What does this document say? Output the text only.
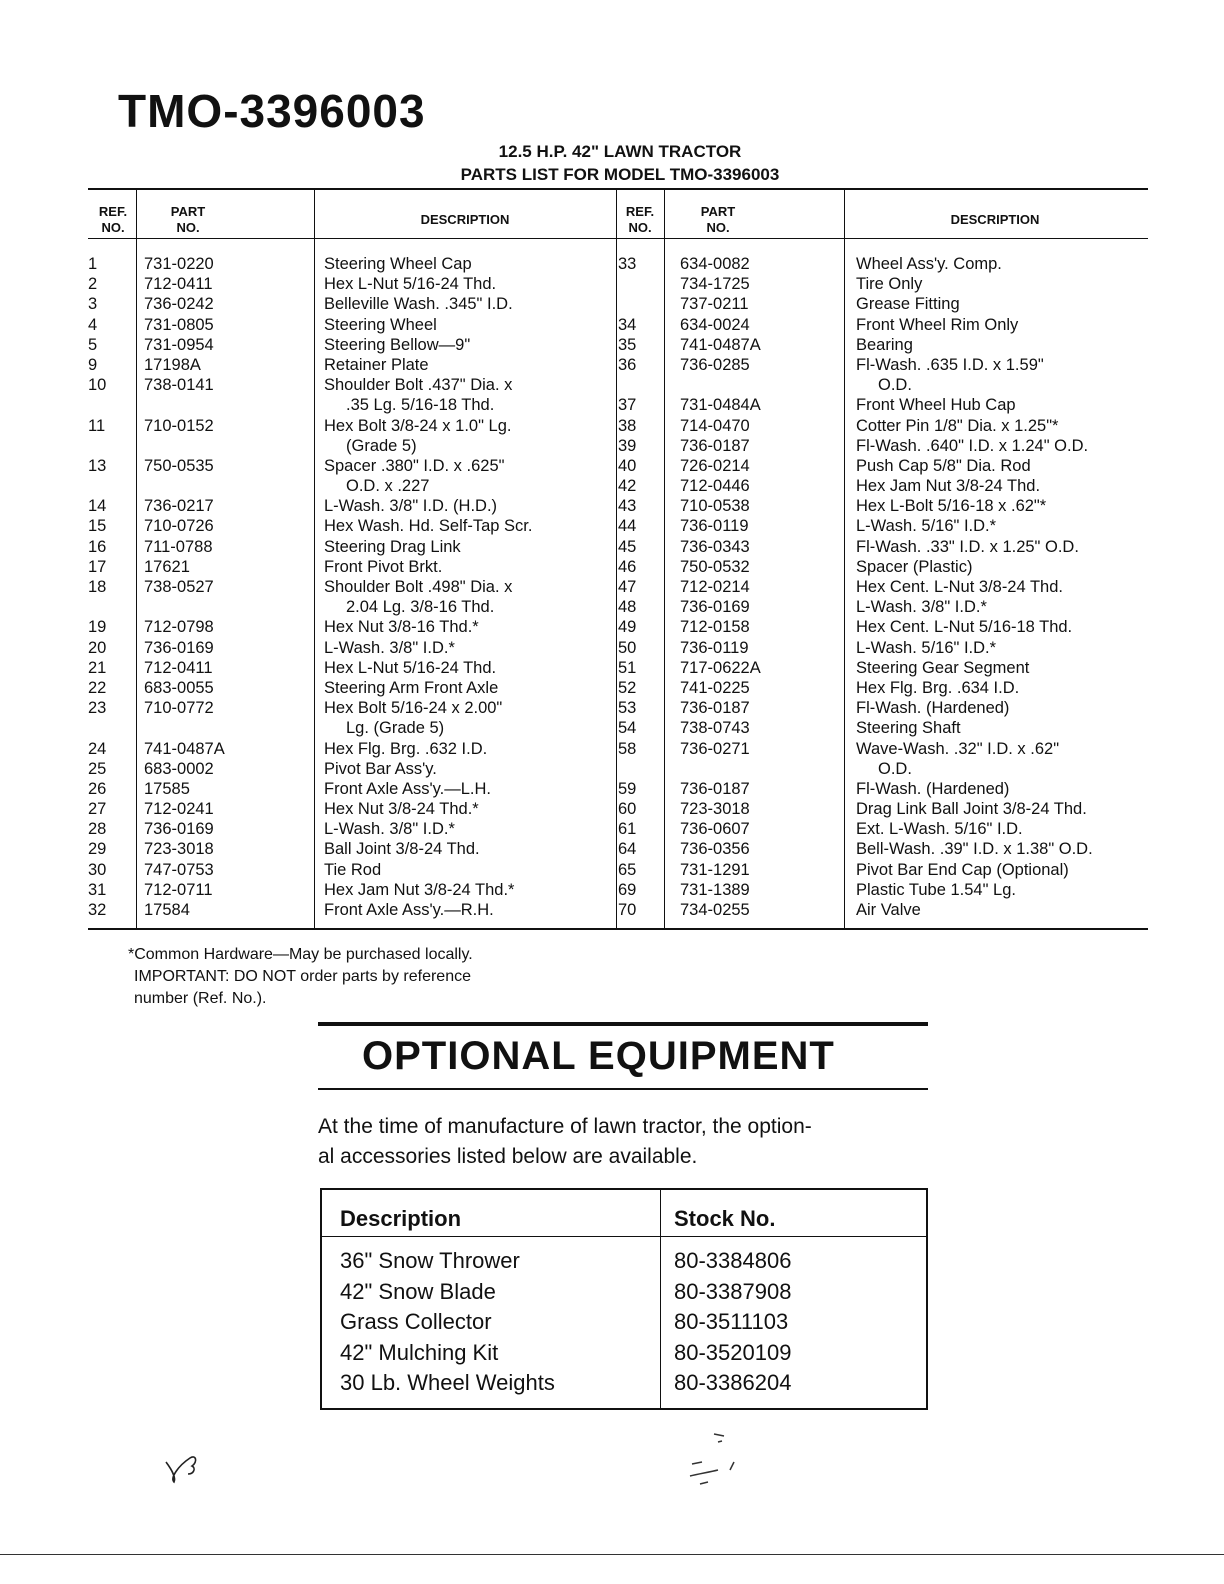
TMO-3396003
12.5 H.P. 42" LAWN TRACTOR
PARTS LIST FOR MODEL TMO-3396003
REF.
NO.
PART
NO.
DESCRIPTION
REF.
NO.
PART
NO.
DESCRIPTION
1
2
3
4
5
9
10
11
13
14
15
16
17
18
19
20
21
22
23
24
25
26
27
28
29
30
31
32
731-0220
712-0411
736-0242
731-0805
731-0954
17198A
738-0141
710-0152
750-0535
736-0217
710-0726
711-0788
17621
738-0527
712-0798
736-0169
712-0411
683-0055
710-0772
741-0487A
683-0002
17585
712-0241
736-0169
723-3018
747-0753
712-0711
17584
Steering Wheel Cap
Hex L-Nut 5/16-24 Thd.
Belleville Wash. .345" I.D.
Steering Wheel
Steering Bellow—9"
Retainer Plate
Shoulder Bolt .437" Dia. x
.35 Lg. 5/16-18 Thd.
Hex Bolt 3/8-24 x 1.0" Lg.
(Grade 5)
Spacer .380" I.D. x .625"
O.D. x .227
L-Wash. 3/8" I.D. (H.D.)
Hex Wash. Hd. Self-Tap Scr.
Steering Drag Link
Front Pivot Brkt.
Shoulder Bolt .498" Dia. x
2.04 Lg. 3/8-16 Thd.
Hex Nut 3/8-16 Thd.*
L-Wash. 3/8" I.D.*
Hex L-Nut 5/16-24 Thd.
Steering Arm Front Axle
Hex Bolt 5/16-24 x 2.00"
Lg. (Grade 5)
Hex Flg. Brg. .632 I.D.
Pivot Bar Ass'y.
Front Axle Ass'y.—L.H.
Hex Nut 3/8-24 Thd.*
L-Wash. 3/8" I.D.*
Ball Joint 3/8-24 Thd.
Tie Rod
Hex Jam Nut 3/8-24 Thd.*
Front Axle Ass'y.—R.H.
33
34
35
36
37
38
39
40
42
43
44
45
46
47
48
49
50
51
52
53
54
58
59
60
61
64
65
69
70
634-0082
734-1725
737-0211
634-0024
741-0487A
736-0285
731-0484A
714-0470
736-0187
726-0214
712-0446
710-0538
736-0119
736-0343
750-0532
712-0214
736-0169
712-0158
736-0119
717-0622A
741-0225
736-0187
738-0743
736-0271
736-0187
723-3018
736-0607
736-0356
731-1291
731-1389
734-0255
Wheel Ass'y. Comp.
Tire Only
Grease Fitting
Front Wheel Rim Only
Bearing
Fl-Wash. .635 I.D. x 1.59"
O.D.
Front Wheel Hub Cap
Cotter Pin 1/8" Dia. x 1.25"*
Fl-Wash. .640" I.D. x 1.24" O.D.
Push Cap 5/8" Dia. Rod
Hex Jam Nut 3/8-24 Thd.
Hex L-Bolt 5/16-18 x .62"*
L-Wash. 5/16" I.D.*
Fl-Wash. .33" I.D. x 1.25" O.D.
Spacer (Plastic)
Hex Cent. L-Nut 3/8-24 Thd.
L-Wash. 3/8" I.D.*
Hex Cent. L-Nut 5/16-18 Thd.
L-Wash. 5/16" I.D.*
Steering Gear Segment
Hex Flg. Brg. .634 I.D.
Fl-Wash. (Hardened)
Steering Shaft
Wave-Wash. .32" I.D. x .62"
O.D.
Fl-Wash. (Hardened)
Drag Link Ball Joint 3/8-24 Thd.
Ext. L-Wash. 5/16" I.D.
Bell-Wash. .39" I.D. x 1.38" O.D.
Pivot Bar End Cap (Optional)
Plastic Tube 1.54" Lg.
Air Valve
*Common Hardware—May be purchased locally.
IMPORTANT: DO NOT order parts by reference
number (Ref. No.).
OPTIONAL EQUIPMENT
At the time of manufacture of lawn tractor, the option-
al accessories listed below are available.
Description	Stock No.
36" Snow Thrower
42" Snow Blade
Grass Collector
42" Mulching Kit
30 Lb. Wheel Weights
80-3384806
80-3387908
80-3511103
80-3520109
80-3386204
